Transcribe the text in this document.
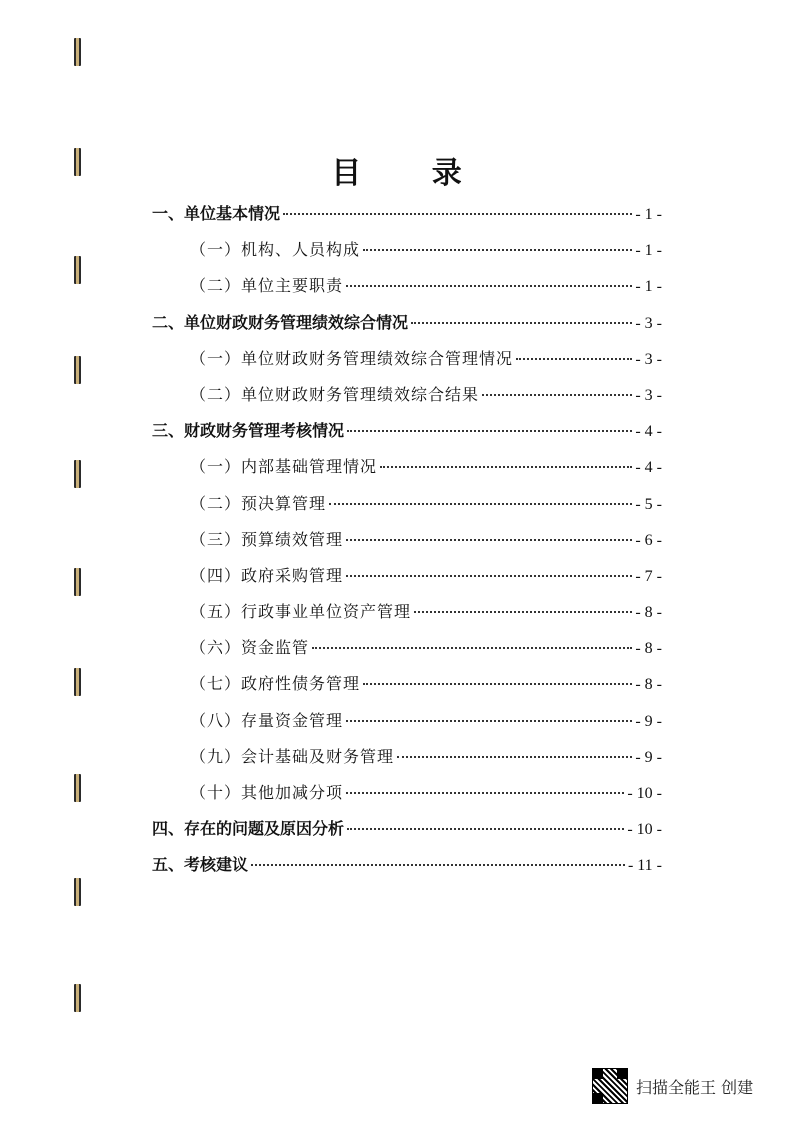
目 录
一、单位基本情况	- 1 -
（一）机构、人员构成	- 1 -
（二）单位主要职责	- 1 -
二、单位财政财务管理绩效综合情况	- 3 -
（一）单位财政财务管理绩效综合管理情况	- 3 -
（二）单位财政财务管理绩效综合结果	- 3 -
三、财政财务管理考核情况	- 4 -
（一）内部基础管理情况	- 4 -
（二）预决算管理	- 5 -
（三）预算绩效管理	- 6 -
（四）政府采购管理	- 7 -
（五）行政事业单位资产管理	- 8 -
（六）资金监管	- 8 -
（七）政府性债务管理	- 8 -
（八）存量资金管理	- 9 -
（九）会计基础及财务管理	- 9 -
（十）其他加减分项	- 10 -
四、存在的问题及原因分析	- 10 -
五、考核建议	- 11 -
扫描全能王 创建
